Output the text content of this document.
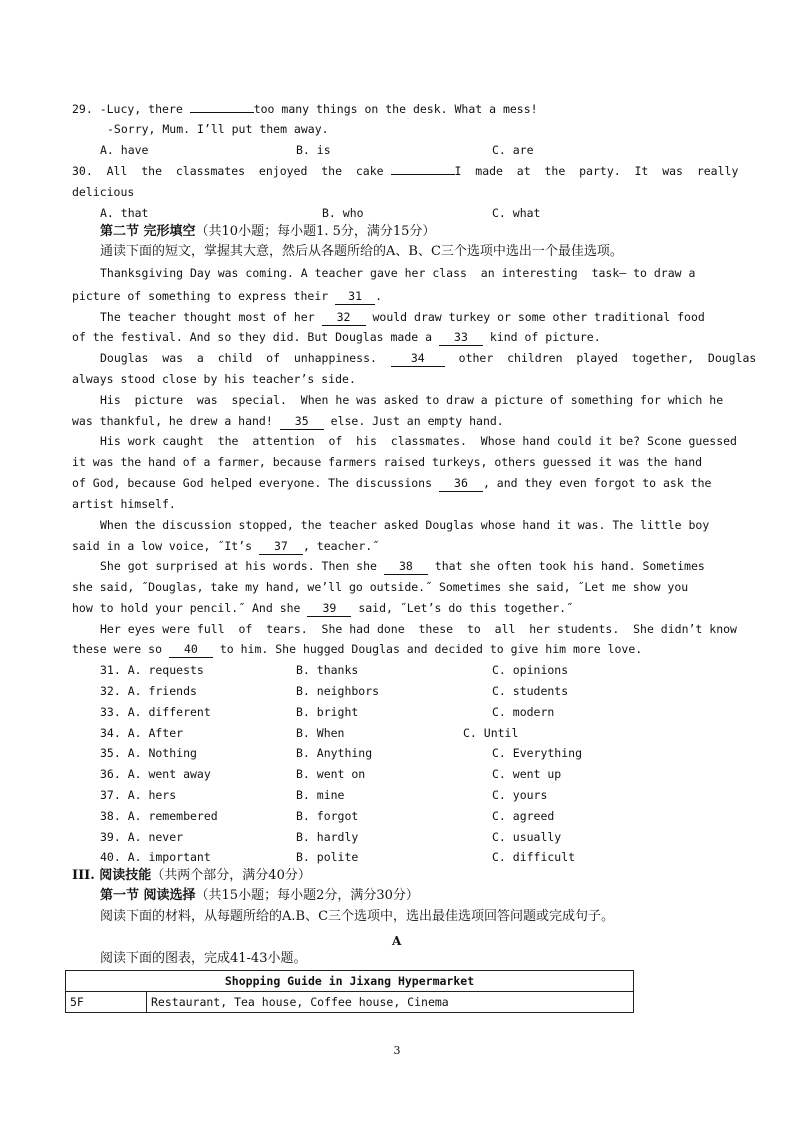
29. -Lucy, there	too many things on the desk. What a mess!
-Sorry, Mum. I’ll put them away.
A. have	B. is	C. are
30.  All  the  classmates  enjoyed  the  cake	I  made  at  the  party.  It  was  really
delicious
A. that	B. who	C. what
第二节 完形填空（共10小题；每小题1. 5分，满分15分）
通读下面的短文，掌握其大意，然后从各题所给的A、B、C三个选项中选出一个最佳选项。
Thanksgiving Day was coming. A teacher gave her class  an interesting  task— to draw a
picture of something to express their 31 .
The teacher thought most of her 32 would draw turkey or some other traditional food
of the festival. And so they did. But Douglas made a 33 kind of picture.
Douglas  was  a  child  of  unhappiness.  34  other  children  played  together,  Douglas
always stood close by his teacher’s side.
His  picture  was  special.  When he was asked to draw a picture of something for which he
was thankful, he drew a hand! 35 else. Just an empty hand.
His work caught  the  attention  of  his  classmates.  Whose hand could it be? Scone guessed
it was the hand of a farmer, because farmers raised turkeys, others guessed it was the hand
of God, because God helped everyone. The discussions 36 , and they even forgot to ask the
artist himself.
When the discussion stopped, the teacher asked Douglas whose hand it was. The little boy
said in a low voice, ˝It’s 37 , teacher.˝
She got surprised at his words. Then she 38 that she often took his hand. Sometimes
she said, ˝Douglas, take my hand, we’ll go outside.˝ Sometimes she said, ˝Let me show you
how to hold your pencil.˝ And she 39 said, ˝Let’s do this together.˝
Her eyes were full  of  tears.  She had done  these  to  all  her students.  She didn’t know
these were so 40 to him. She hugged Douglas and decided to give him more love.
31. A. requests	B. thanks	C. opinions
32. A. friends	B. neighbors	C. students
33. A. different	B. bright	C. modern
34. A. After	B. When	C. Until
35. A. Nothing	B. Anything	C. Everything
36. A. went away	B. went on	C. went up
37. A. hers	B. mine	C. yours
38. A. remembered	B. forgot	C. agreed
39. A. never	B. hardly	C. usually
40. A. important	B. polite	C. difficult
III. 阅读技能（共两个部分，满分40分）
第一节 阅读选择（共15小题；每小题2分，满分30分）
阅读下面的材料，从每题所给的A.B、C三个选项中，选出最佳选项回答问题或完成句子。
A
阅读下面的图表，完成41-43小题。
Shopping Guide in Jixang Hypermarket
5F	Restaurant, Tea house, Coffee house, Cinema
3
